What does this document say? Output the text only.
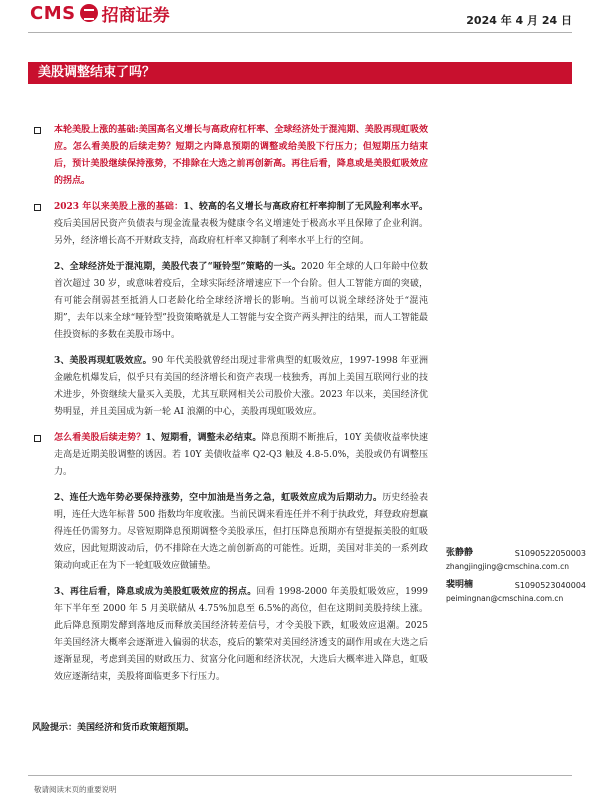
CMS 招商证券	2024 年 4 月 24 日
美股调整结束了吗？
本轮美股上涨的基础:美国高名义增长与高政府杠杆率、全球经济处于混沌期、美股再现虹吸效应。怎么看美股的后续走势？短期之内降息预期的调整或给美股下行压力；但短期压力结束后，预计美股继续保持涨势，不排除在大选之前再创新高。再往后看，降息或是美股虹吸效应的拐点。
2023 年以来美股上涨的基础：1、较高的名义增长与高政府杠杆率抑制了无风险利率水平。疫后美国居民资产负债表与现金流量表极为健康令名义增速处于极高水平且保障了企业利润。另外，经济增长高不开财政支持，高政府杠杆率又抑制了利率水平上行的空间。
2、全球经济处于混沌期，美股代表了“哑铃型”策略的一头。2020 年全球的人口年龄中位数首次超过 30 岁，或意味着疫后，全球实际经济增速应下一个台阶。但人工智能方面的突破，有可能会削弱甚至抵消人口老龄化给全球经济增长的影响。当前可以说全球经济处于“混沌期”，去年以来全球“哑铃型”投资策略就是人工智能与安全资产两头押注的结果，而人工智能最佳投资标的多数在美股市场中。
3、美股再现虹吸效应。90 年代美股就曾经出现过非常典型的虹吸效应，1997-1998 年亚洲金融危机爆发后，似乎只有美国的经济增长和资产表现一枝独秀，再加上美国互联网行业的技术进步，外资继续大量买入美股，尤其互联网相关公司股价大涨。2023 年以来，美国经济优势明显，并且美国成为新一轮 AI 浪潮的中心，美股再现虹吸效应。
怎么看美股后续走势？1、短期看，调整未必结束。降息预期不断推后，10Y 美债收益率快速走高是近期美股调整的诱因。若 10Y 美债收益率 Q2-Q3 触及 4.8-5.0%，美股或仍有调整压力。
2、连任大选年势必要保持涨势，空中加油是当务之急，虹吸效应成为后期动力。历史经验表明，连任大选年标普 500 指数均年度收涨。当前民调来看连任并不利于执政党，拜登政府想赢得连任仍需努力。尽管短期降息预期调整令美股承压，但打压降息预期亦有望提振美股的虹吸效应，因此短期波动后，仍不排除在大选之前创新高的可能性。近期，美国对非美的一系列政策动向或正在为下一轮虹吸效应做铺垫。
3、再往后看，降息或成为美股虹吸效应的拐点。回看 1998-2000 年美股虹吸效应，1999 年下半年至 2000 年 5 月美联储从 4.75%加息至 6.5%的高位，但在这期间美股持续上涨。此后降息预期发酵到落地反而释放美国经济转差信号，才令美股下跌，虹吸效应退潮。2025 年美国经济大概率会逐渐进入偏弱的状态，疫后的繁荣对美国经济透支的副作用或在大选之后逐渐显现，考虑到美国的财政压力、贫富分化问题和经济状况，大选后大概率进入降息，虹吸效应逐渐结束，美股将面临更多下行压力。
风险提示：美国经济和货币政策超预期。
张静静	S1090522050003
zhangjingjing@cmschina.com.cn
裴明楠	S1090523040004
peimingnan@cmschina.com.cn
敬请阅读末页的重要说明
